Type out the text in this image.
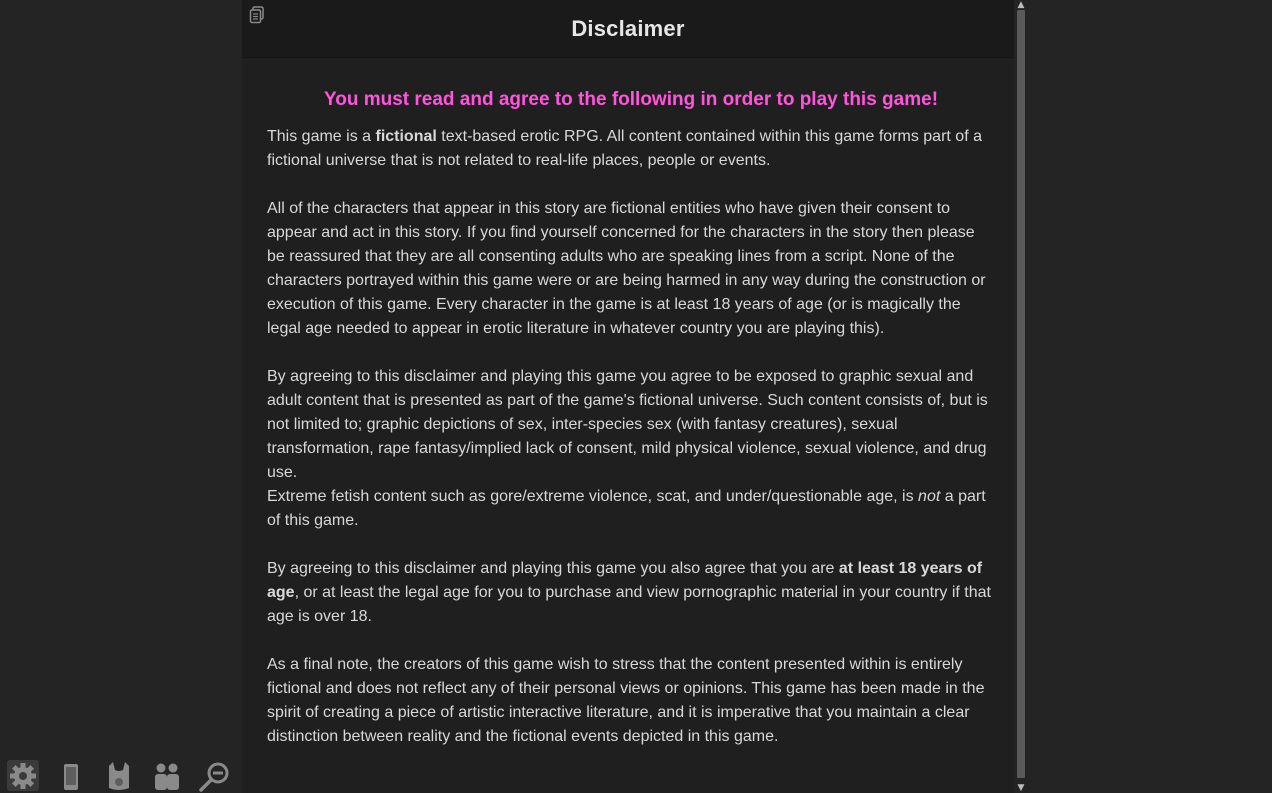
Disclaimer
You must read and agree to the following in order to play this game!

This game is a fictional text-based erotic RPG. All content contained within this game forms part of a fictional universe that is not related to real-life places, people or events.

All of the characters that appear in this story are fictional entities who have given their consent to appear and act in this story. If you find yourself concerned for the characters in the story then please be reassured that they are all consenting adults who are speaking lines from a script. None of the characters portrayed within this game were or are being harmed in any way during the construction or execution of this game. Every character in the game is at least 18 years of age (or is magically the legal age needed to appear in erotic literature in whatever country you are playing this).

By agreeing to this disclaimer and playing this game you agree to be exposed to graphic sexual and adult content that is presented as part of the game's fictional universe. Such content consists of, but is not limited to; graphic depictions of sex, inter-species sex (with fantasy creatures), sexual transformation, rape fantasy/implied lack of consent, mild physical violence, sexual violence, and drug use.

Extreme fetish content such as gore/extreme violence, scat, and under/questionable age, is not a part of this game.

By agreeing to this disclaimer and playing this game you also agree that you are at least 18 years of age, or at least the legal age for you to purchase and view pornographic material in your country if that age is over 18.

As a final note, the creators of this game wish to stress that the content presented within is entirely fictional and does not reflect any of their personal views or opinions. This game has been made in the spirit of creating a piece of artistic interactive literature, and it is imperative that you maintain a clear distinction between reality and the fictional events depicted in this game.

▲
▼
